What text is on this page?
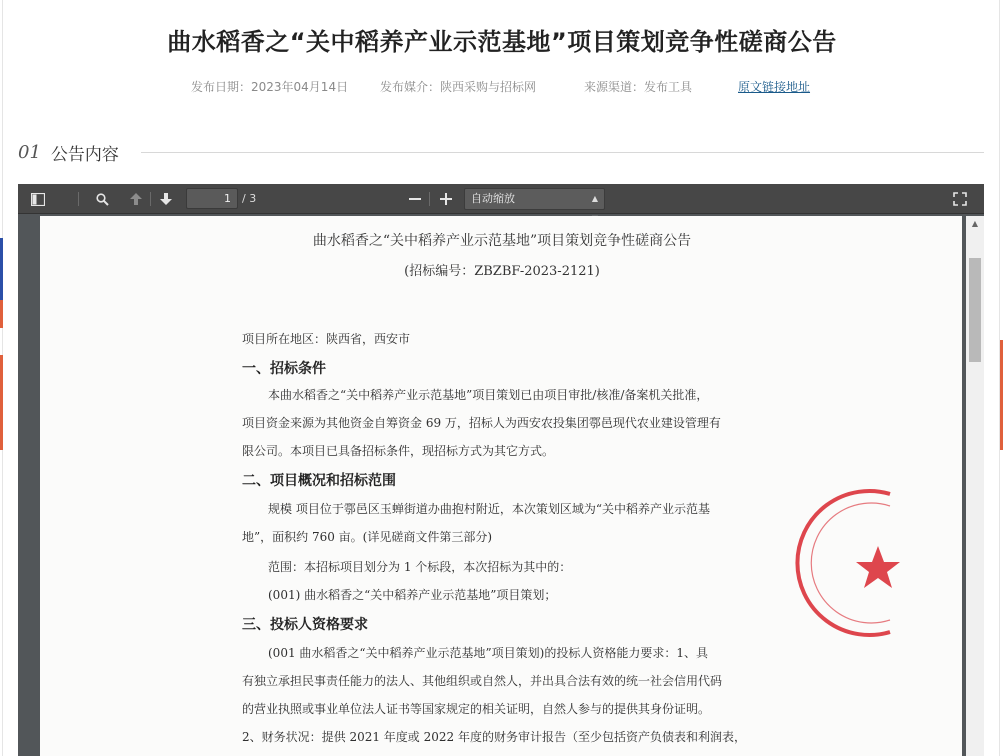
曲水稻香之“关中稻养产业示范基地”项目策划竞争性磋商公告
发布日期：2023年04月14日	发布媒介：陕西采购与招标网	来源渠道：发布工具	原文链接地址
01 公告内容
1	/ 3	自动缩放	▲

曲水稻香之“关中稻养产业示范基地”项目策划竞争性磋商公告
(招标编号：ZBZBF-2023-2121)
项目所在地区：陕西省，西安市
一、招标条件
本曲水稻香之“关中稻养产业示范基地”项目策划已由项目审批/核准/备案机关批准，
项目资金来源为其他资金自筹资金 69 万，招标人为西安农投集团鄠邑现代农业建设管理有
限公司。本项目已具备招标条件，现招标方式为其它方式。
二、项目概况和招标范围
规模 项目位于鄠邑区玉蝉街道办曲抱村附近，本次策划区域为“关中稻养产业示范基
地”，面积约 760 亩。(详见磋商文件第三部分)
范围：本招标项目划分为 1 个标段，本次招标为其中的：
(001) 曲水稻香之“关中稻养产业示范基地”项目策划；
三、投标人资格要求
(001 曲水稻香之“关中稻养产业示范基地”项目策划)的投标人资格能力要求：1、具
有独立承担民事责任能力的法人、其他组织或自然人，并出具合法有效的统一社会信用代码
的营业执照或事业单位法人证书等国家规定的相关证明，自然人参与的提供其身份证明。
2、财务状况：提供 2021 年度或 2022 年度的财务审计报告（至少包括资产负债表和利润表，
▲
